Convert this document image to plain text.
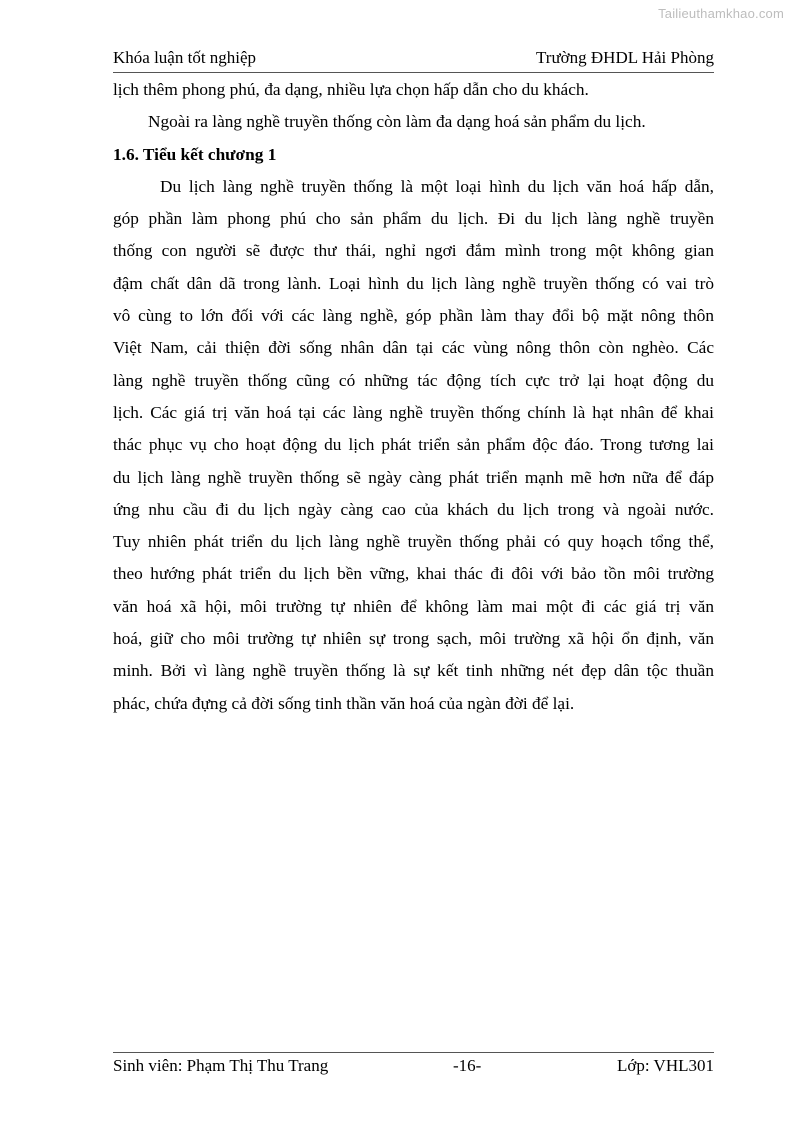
Tailieuthamkhao.com
Khóa luận tốt nghiệp	Trường ĐHDL Hải Phòng
lịch thêm phong phú, đa dạng, nhiều lựa chọn hấp dẫn cho du khách.
Ngoài ra làng nghề truyền thống còn làm đa dạng hoá sản phẩm du lịch.
1.6. Tiểu kết chương 1
Du lịch làng nghề truyền thống là một loại hình du lịch văn hoá hấp dẫn,
góp phần làm phong phú cho sản phẩm du lịch. Đi du lịch làng nghề truyền
thống con người sẽ được thư thái, nghỉ ngơi đắm mình trong một không gian
đậm chất dân dã trong lành. Loại hình du lịch làng nghề truyền thống có vai trò
vô cùng to lớn đối với các làng nghề, góp phần làm thay đổi bộ mặt nông thôn
Việt Nam, cải thiện đời sống nhân dân tại các vùng nông thôn còn nghèo. Các
làng nghề truyền thống cũng có những tác động tích cực trở lại hoạt động du
lịch. Các giá trị văn hoá tại các làng nghề truyền thống chính là hạt nhân để khai
thác phục vụ cho hoạt động du lịch phát triển sản phẩm độc đáo. Trong tương lai
du lịch làng nghề truyền thống sẽ ngày càng phát triển mạnh mẽ hơn nữa để đáp
ứng nhu cầu đi du lịch ngày càng cao của khách du lịch trong và ngoài nước.
Tuy nhiên phát triển du lịch làng nghề truyền thống phải có quy hoạch tổng thể,
theo hướng phát triển du lịch bền vững, khai thác đi đôi với bảo tồn môi trường
văn hoá xã hội, môi trường tự nhiên để không làm mai một đi các giá trị văn
hoá, giữ cho môi trường tự nhiên sự trong sạch, môi trường xã hội ổn định, văn
minh. Bởi vì làng nghề truyền thống là sự kết tinh những nét đẹp dân tộc thuần
phác, chứa đựng cả đời sống tinh thần văn hoá của ngàn đời để lại.
Sinh viên: Phạm Thị Thu Trang	-16-	Lớp: VHL301
